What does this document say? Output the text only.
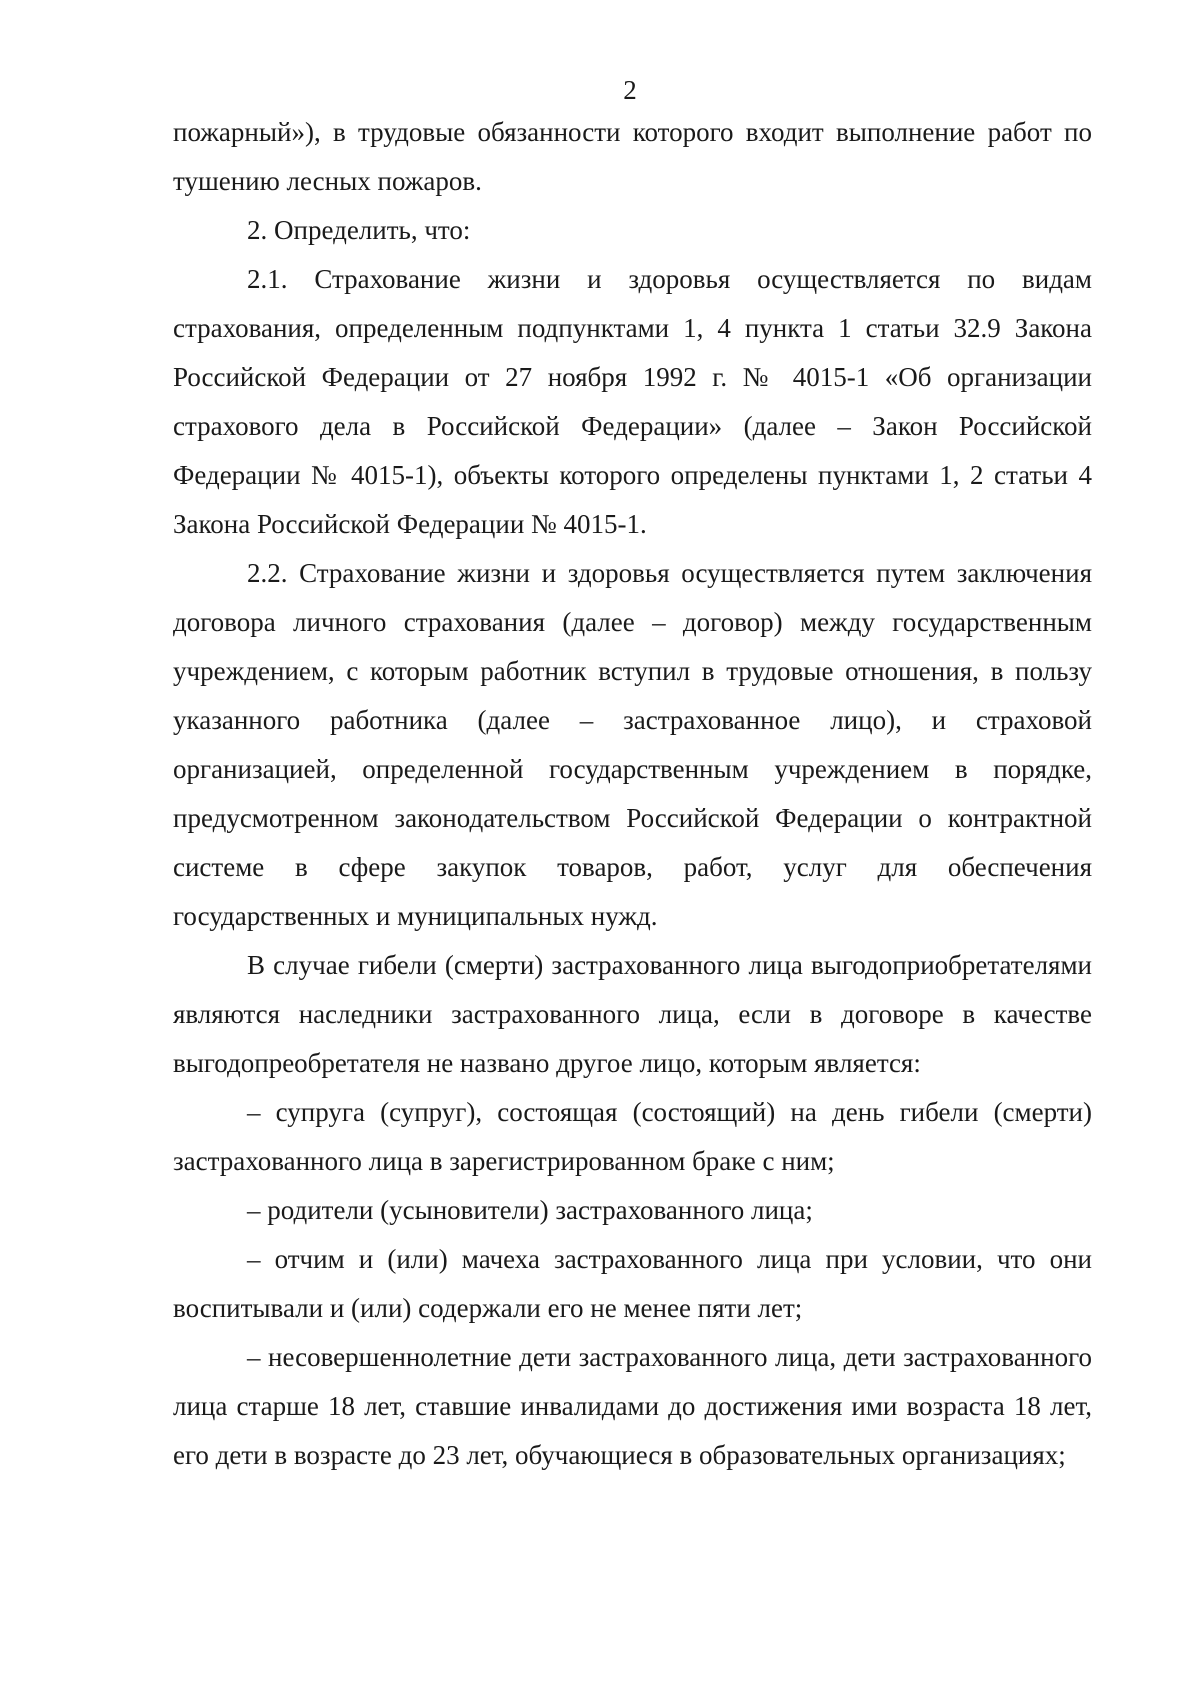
2

пожарный»), в трудовые обязанности которого входит выполнение работ по тушению лесных пожаров.

2. Определить, что:

2.1. Страхование жизни и здоровья осуществляется по видам страхования, определенным подпунктами 1, 4 пункта 1 статьи 32.9 Закона Российской Федерации от 27 ноября 1992 г. № 4015-1 «Об организации страхового дела в Российской Федерации» (далее – Закон Российской Федерации № 4015-1), объекты которого определены пунктами 1, 2 статьи 4 Закона Российской Федерации № 4015-1.

2.2. Страхование жизни и здоровья осуществляется путем заключения договора личного страхования (далее – договор) между государственным учреждением, с которым работник вступил в трудовые отношения, в пользу указанного работника (далее – застрахованное лицо), и страховой организацией, определенной государственным учреждением в порядке, предусмотренном законодательством Российской Федерации о контрактной системе в сфере закупок товаров, работ, услуг для обеспечения государственных и муниципальных нужд.

В случае гибели (смерти) застрахованного лица выгодоприобретателями являются наследники застрахованного лица, если в договоре в качестве выгодопреобретателя не названо другое лицо, которым является:

– супруга (супруг), состоящая (состоящий) на день гибели (смерти) застрахованного лица в зарегистрированном браке с ним;

– родители (усыновители) застрахованного лица;

– отчим и (или) мачеха застрахованного лица при условии, что они воспитывали и (или) содержали его не менее пяти лет;

– несовершеннолетние дети застрахованного лица, дети застрахованного лица старше 18 лет, ставшие инвалидами до достижения ими возраста 18 лет, его дети в возрасте до 23 лет, обучающиеся в образовательных организациях;
